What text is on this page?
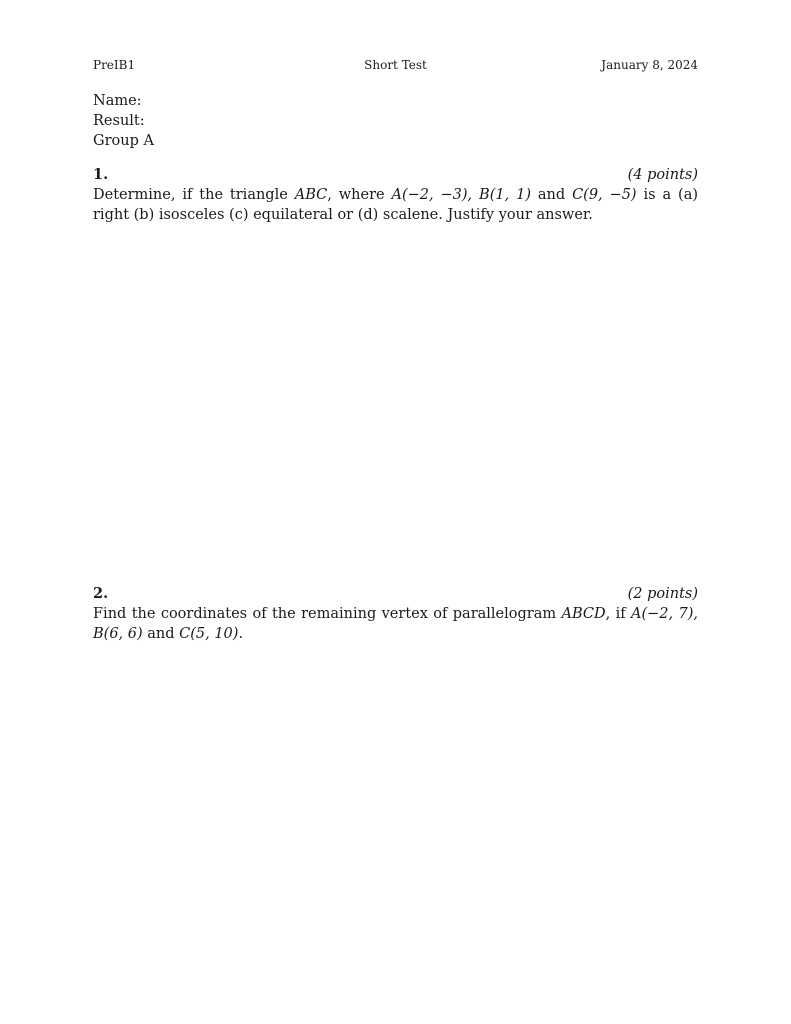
PreIB1	Short Test	January 8, 2024
Name:
Result:
Group A
1.	(4 points)
Determine, if the triangle ABC, where A(−2, −3), B(1, 1) and C(9, −5) is a (a) right (b) isosceles (c) equilateral or (d) scalene. Justify your answer.
2.	(2 points)
Find the coordinates of the remaining vertex of parallelogram ABCD, if A(−2, 7), B(6, 6) and C(5, 10).
